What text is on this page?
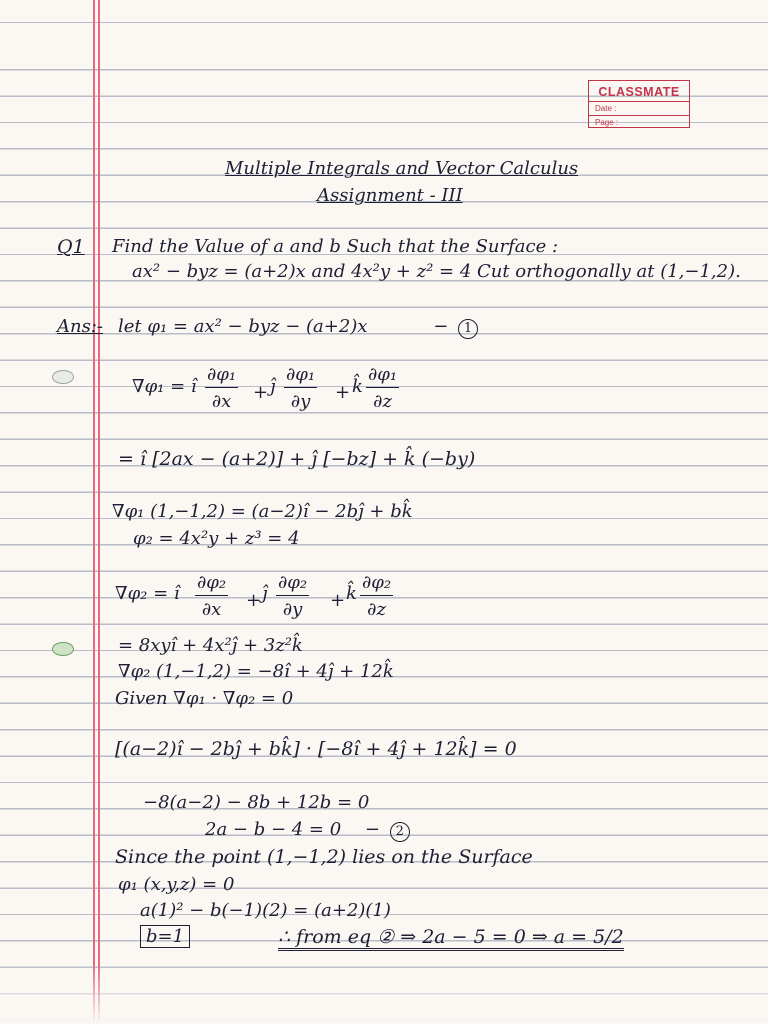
CLASSMATE
Date :
Page :
Multiple Integrals and Vector Calculus
Assignment - III
Q1 Find the Value of a and b Such that the Surface :
ax² − byz = (a+2)x and 4x²y + z² = 4 Cut orthogonally at (1,−1,2).
Ans:- let φ₁ = ax² − byz − (a+2)x	− 1
∇φ₁ = î $\frac{\text{∂φ₁}}{\partial x}$ + ĵ $\frac{\text{∂φ₁}}{\partial y}$ + k̂ $\frac{\text{∂φ₁}}{\partial z}$
= î [2ax − (a+2)] + ĵ [−bz] + k̂ (−by)
∇φ₁ (1,−1,2) = (a−2)î − 2bĵ + bk̂
φ₂ = 4x²y + z³ = 4
∇φ₂ = î $\frac{\text{∂φ₂}}{\partial x}$ + ĵ $\frac{\text{∂φ₂}}{\partial y}$ + k̂ $\frac{\text{∂φ₂}}{\partial z}$
= 8xyî + 4x²ĵ + 3z²k̂
∇φ₂ (1,−1,2) = −8î + 4ĵ + 12k̂
Given ∇φ₁ · ∇φ₂ = 0
[(a−2)î − 2bĵ + bk̂] · [−8î + 4ĵ + 12k̂] = 0
−8(a−2) − 8b + 12b = 0
2a − b − 4 = 0 − 2
Since the point (1,−1,2) lies on the Surface
φ₁ (x,y,z) = 0
a(1)² − b(−1)(2) = (a+2)(1)
b=1	∴ from eq ② ⇒ 2a − 5 = 0 ⇒ a = 5/2
